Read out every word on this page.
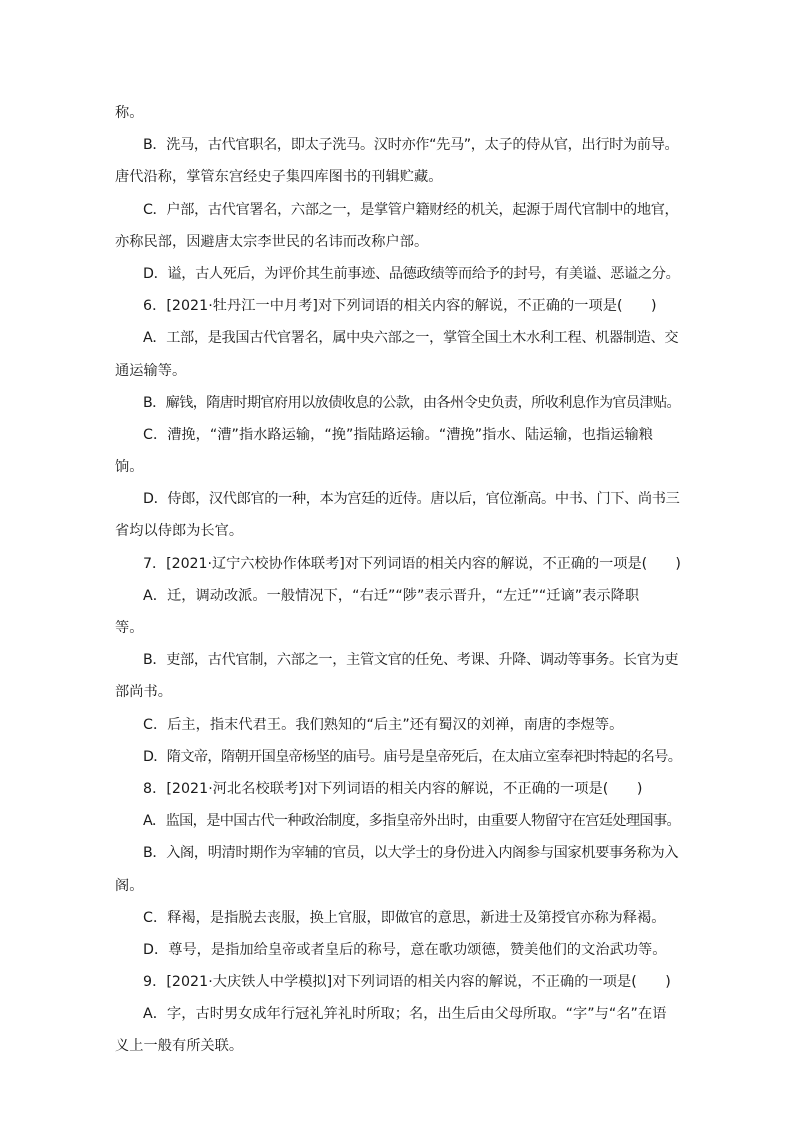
称。
B．洗马，古代官职名，即太子洗马。汉时亦作“先马”，太子的侍从官，出行时为前导。
唐代沿称，掌管东宫经史子集四库图书的刊辑贮藏。
C．户部，古代官署名，六部之一，是掌管户籍财经的机关，起源于周代官制中的地官，
亦称民部，因避唐太宗李世民的名讳而改称户部。
D．谥，古人死后，为评价其生前事迹、品德政绩等而给予的封号，有美谥、恶谥之分。
6．[2021·牡丹江一中月考]对下列词语的相关内容的解说，不正确的一项是(　　)
A．工部，是我国古代官署名，属中央六部之一，掌管全国土木水利工程、机器制造、交
通运输等。
B．廨钱，隋唐时期官府用以放债收息的公款，由各州令史负责，所收利息作为官员津贴。
C．漕挽，“漕”指水路运输，“挽”指陆路运输。“漕挽”指水、陆运输，也指运输粮
饷。
D．侍郎，汉代郎官的一种，本为宫廷的近侍。唐以后，官位渐高。中书、门下、尚书三
省均以侍郎为长官。
7．[2021·辽宁六校协作体联考]对下列词语的相关内容的解说，不正确的一项是(　　)
A．迁，调动改派。一般情况下，“右迁”“陟”表示晋升，“左迁”“迁谪”表示降职
等。
B．吏部，古代官制，六部之一，主管文官的任免、考课、升降、调动等事务。长官为吏
部尚书。
C．后主，指末代君王。我们熟知的“后主”还有蜀汉的刘禅，南唐的李煜等。
D．隋文帝，隋朝开国皇帝杨坚的庙号。庙号是皇帝死后，在太庙立室奉祀时特起的名号。
8．[2021·河北名校联考]对下列词语的相关内容的解说，不正确的一项是(　　)
A．监国，是中国古代一种政治制度，多指皇帝外出时，由重要人物留守在宫廷处理国事。
B．入阁，明清时期作为宰辅的官员，以大学士的身份进入内阁参与国家机要事务称为入
阁。
C．释褐，是指脱去丧服，换上官服，即做官的意思，新进士及第授官亦称为释褐。
D．尊号，是指加给皇帝或者皇后的称号，意在歌功颂德，赞美他们的文治武功等。
9．[2021·大庆铁人中学模拟]对下列词语的相关内容的解说，不正确的一项是(　　)
A．字，古时男女成年行冠礼笄礼时所取；名，出生后由父母所取。“字”与“名”在语
义上一般有所关联。
